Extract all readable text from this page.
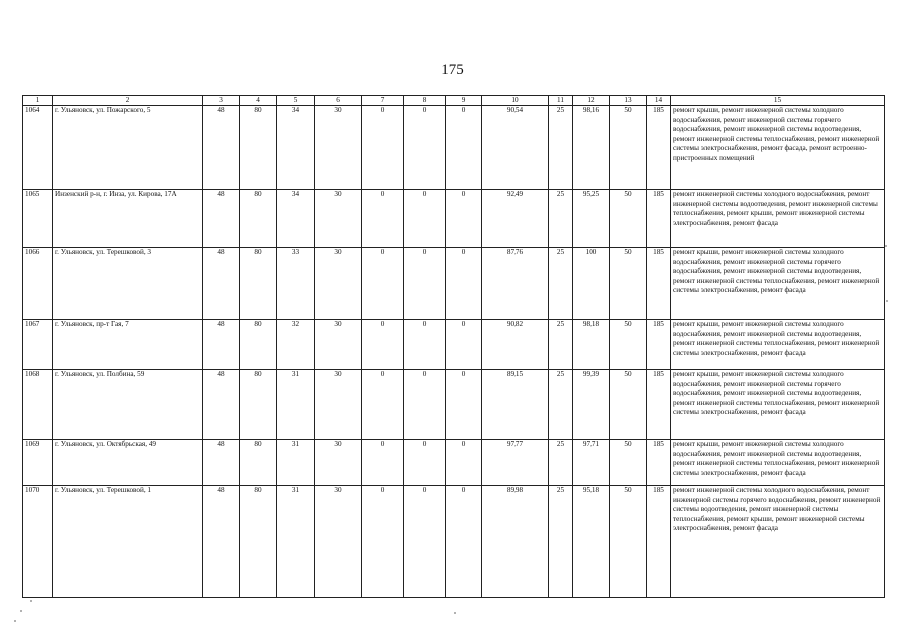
175
1	2	3	4	5	6	7	8	9	10	11	12	13	14	15
1064	г. Ульяновск, ул. Пожарского, 5	48	80	34	30	0	0	0	90,54	25	98,16	50	185	ремонт крыши, ремонт инженерной системы холодного водоснабжения, ремонт инженерной системы горячего водоснабжения, ремонт инженерной системы водоотведения, ремонт инженерной системы теплоснабжения, ремонт инженерной системы электроснабжения, ремонт фасада, ремонт встроенно-пристроенных помещений
1065	Инзенский р-н, г. Инза, ул. Кирова, 17А	48	80	34	30	0	0	0	92,49	25	95,25	50	185	ремонт инженерной системы холодного водоснабжения, ремонт инженерной системы водоотведения, ремонт инженерной системы теплоснабжения, ремонт крыши, ремонт инженерной системы электроснабжения, ремонт фасада
1066	г. Ульяновск, ул. Терешковой, 3	48	80	33	30	0	0	0	87,76	25	100	50	185	ремонт крыши, ремонт инженерной системы холодного водоснабжения, ремонт инженерной системы горячего водоснабжения, ремонт инженерной системы водоотведения, ремонт инженерной системы теплоснабжения, ремонт инженерной системы электроснабжения, ремонт фасада
1067	г. Ульяновск, пр-т Гая, 7	48	80	32	30	0	0	0	90,82	25	98,18	50	185	ремонт крыши, ремонт инженерной системы холодного водоснабжения, ремонт инженерной системы водоотведения, ремонт инженерной системы теплоснабжения, ремонт инженерной системы электроснабжения, ремонт фасада
1068	г. Ульяновск, ул. Полбина, 59	48	80	31	30	0	0	0	89,15	25	99,39	50	185	ремонт крыши, ремонт инженерной системы холодного водоснабжения, ремонт инженерной системы горячего водоснабжения, ремонт инженерной системы водоотведения, ремонт инженерной системы теплоснабжения, ремонт инженерной системы электроснабжения, ремонт фасада
1069	г. Ульяновск, ул. Октябрьская, 49	48	80	31	30	0	0	0	97,77	25	97,71	50	185	ремонт крыши, ремонт инженерной системы холодного водоснабжения, ремонт инженерной системы водоотведения, ремонт инженерной системы теплоснабжения, ремонт инженерной системы электроснабжения, ремонт фасада
1070	г. Ульяновск, ул. Терешковой, 1	48	80	31	30	0	0	0	89,98	25	95,18	50	185	ремонт инженерной системы холодного водоснабжения, ремонт инженерной системы горячего водоснабжения, ремонт инженерной системы водоотведения, ремонт инженерной системы теплоснабжения, ремонт крыши, ремонт инженерной системы электроснабжения, ремонт фасада
